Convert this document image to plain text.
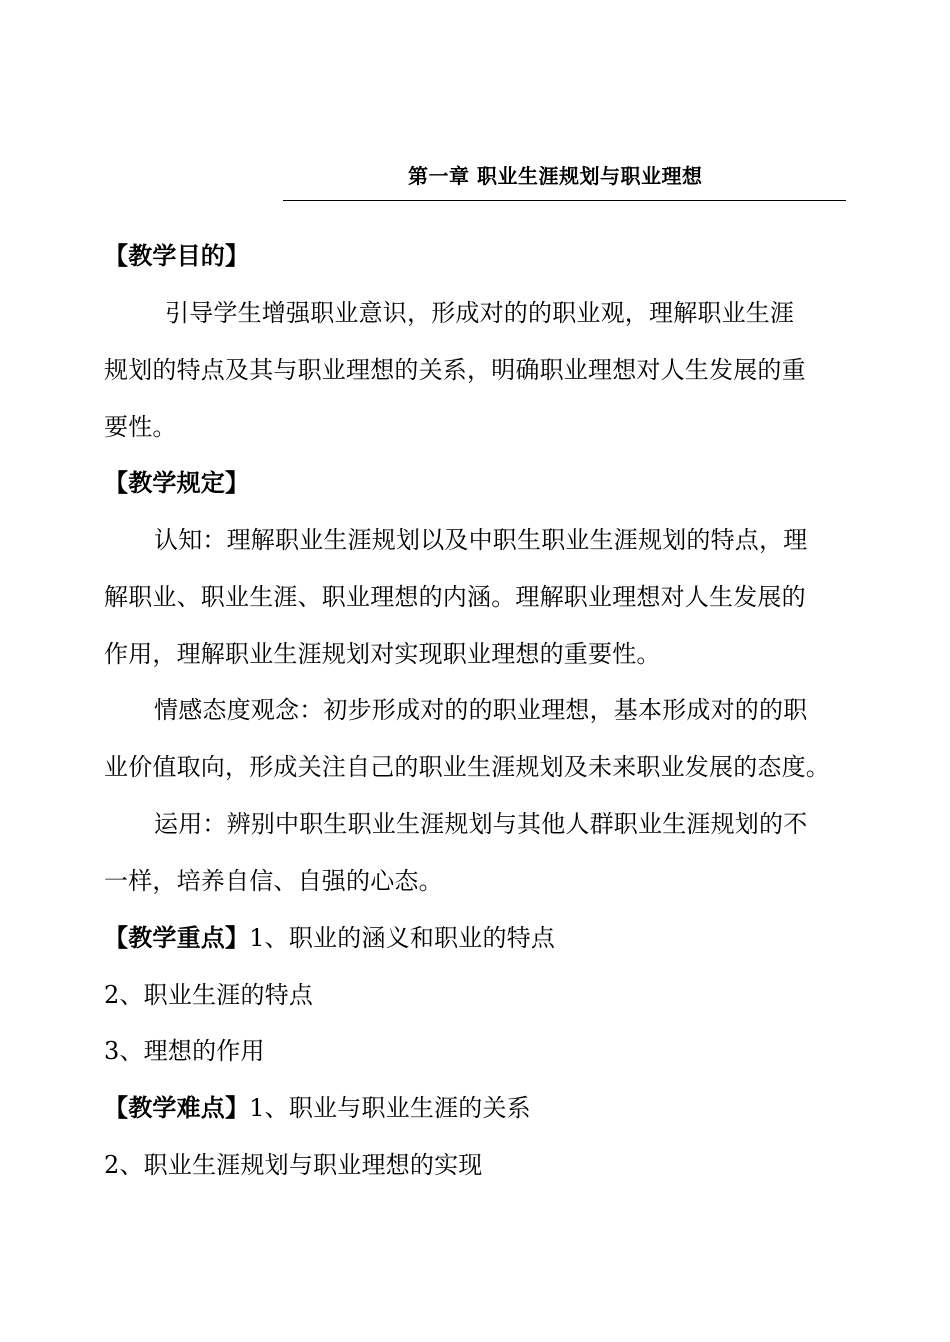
第一章 职业生涯规划与职业理想
【教学目的】
引导学生增强职业意识，形成对的的职业观，理解职业生涯
规划的特点及其与职业理想的关系，明确职业理想对人生发展的重
要性。
【教学规定】
认知：理解职业生涯规划以及中职生职业生涯规划的特点，理
解职业、职业生涯、职业理想的内涵。理解职业理想对人生发展的
作用，理解职业生涯规划对实现职业理想的重要性。
情感态度观念：初步形成对的的职业理想，基本形成对的的职
业价值取向，形成关注自己的职业生涯规划及未来职业发展的态度。
运用：辨别中职生职业生涯规划与其他人群职业生涯规划的不
一样，培养自信、自强的心态。
【教学重点】1、职业的涵义和职业的特点
2、职业生涯的特点
3、理想的作用
【教学难点】1、职业与职业生涯的关系
2、职业生涯规划与职业理想的实现
